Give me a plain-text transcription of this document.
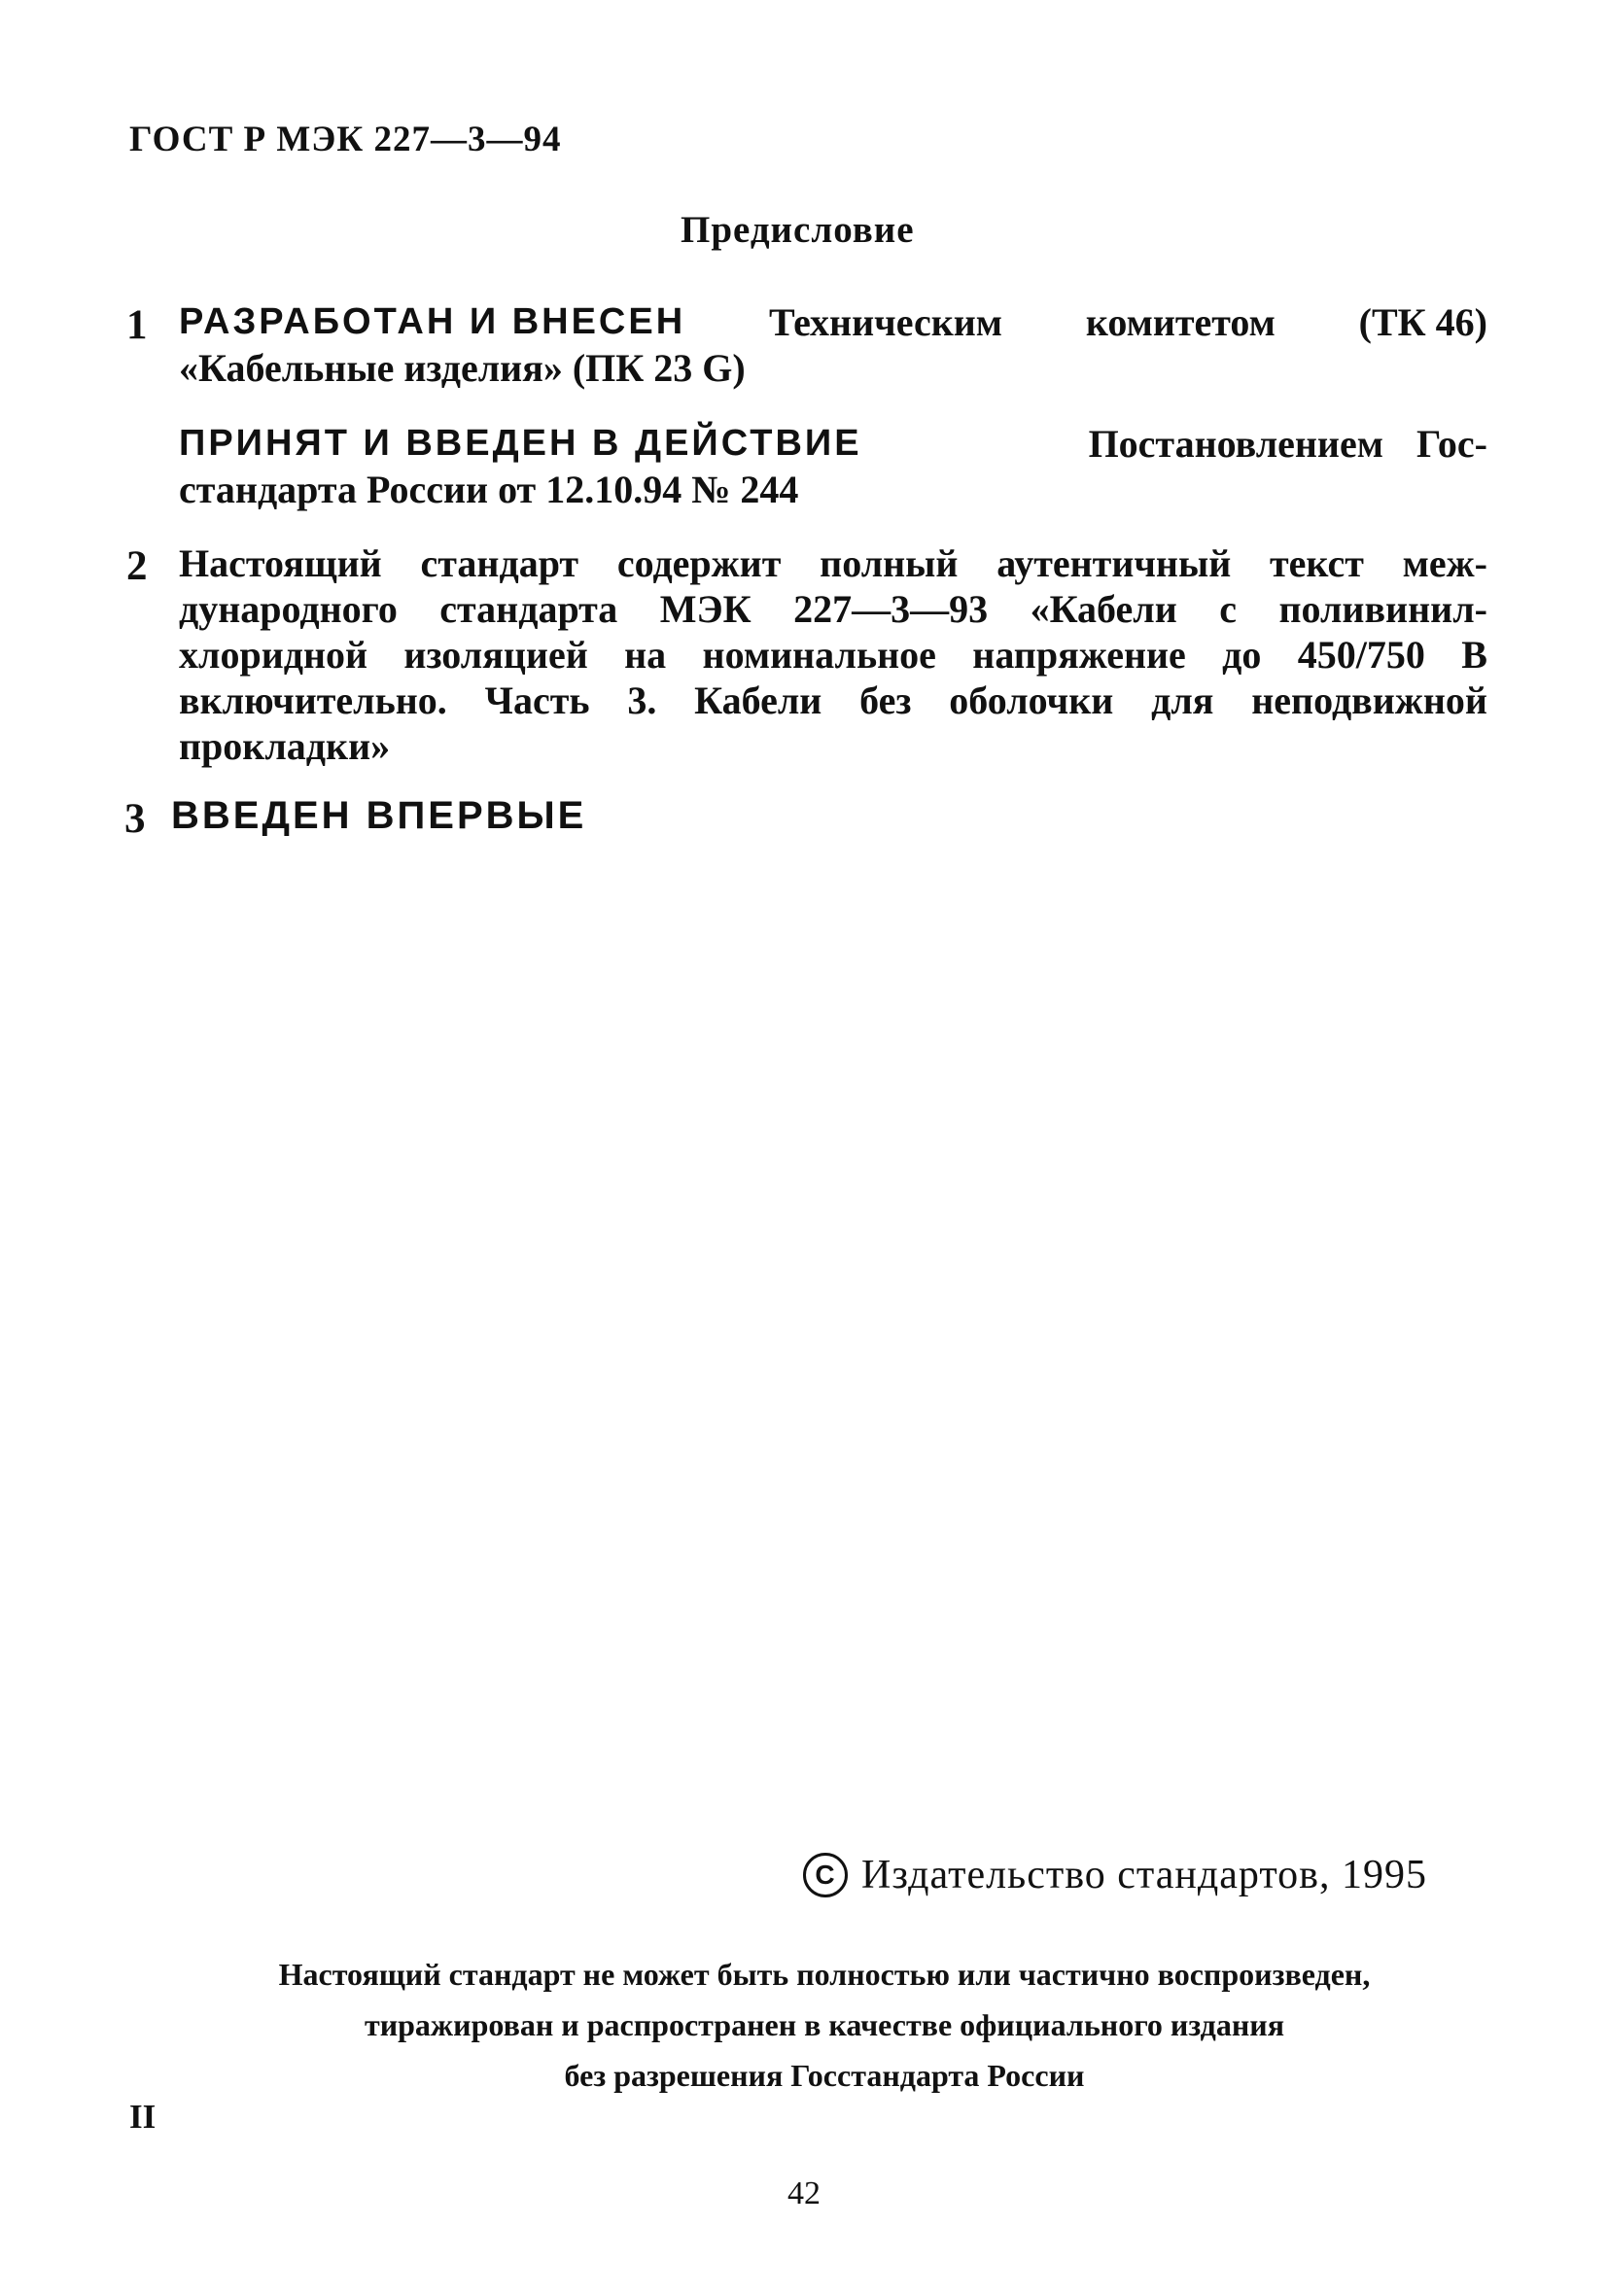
ГОСТ Р МЭК 227—3—94
Предисловие
1 РАЗРАБОТАН И ВНЕСЕН Техническим комитетом (ТК 46)
«Кабельные изделия» (ПК 23 G)
ПРИНЯТ И ВВЕДЕН В ДЕЙСТВИЕ	Постановлением Гос-
стандарта России от 12.10.94 № 244
2 Настоящий стандарт содержит полный аутентичный текст меж-
дународного стандарта МЭК 227—3—93 «Кабели с поливинил-
хлоридной изоляцией на номинальное напряжение до 450/750 В
включительно. Часть 3. Кабели без оболочки для неподвижной
прокладки»
3 ВВЕДЕН ВПЕРВЫЕ
C Издательство стандартов, 1995
Настоящий стандарт не может быть полностью или частично воспроизведен,
тиражирован и распространен в качестве официального издания
без разрешения Госстандарта России
II
42
